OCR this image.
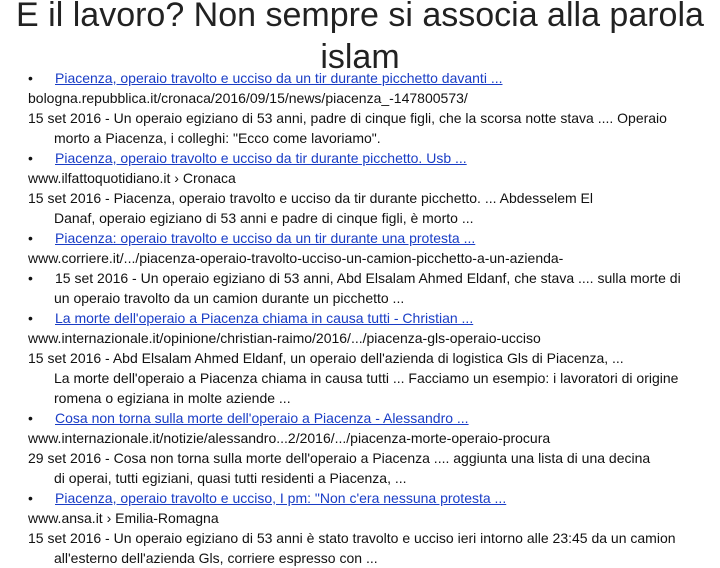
E il lavoro? Non sempre si associa alla parola
islam
• Piacenza, operaio travolto e ucciso da un tir durante picchetto davanti ...
bologna.repubblica.it/cronaca/2016/09/15/news/piacenza_-147800573/
15 set 2016 - Un operaio egiziano di 53 anni, padre di cinque figli, che la scorsa notte stava .... Operaio
morto a Piacenza, i colleghi: "Ecco come lavoriamo".
• Piacenza, operaio travolto e ucciso da tir durante picchetto. Usb ...
www.ilfattoquotidiano.it › Cronaca
15 set 2016 - Piacenza, operaio travolto e ucciso da tir durante picchetto. ... Abdesselem El
Danaf, operaio egiziano di 53 anni e padre di cinque figli, è morto ...
• Piacenza: operaio travolto e ucciso da un tir durante una protesta ...
www.corriere.it/.../piacenza-operaio-travolto-ucciso-un-camion-picchetto-a-un-azienda-
• 15 set 2016 - Un operaio egiziano di 53 anni, Abd Elsalam Ahmed Eldanf, che stava .... sulla morte di
un operaio travolto da un camion durante un picchetto ...
• La morte dell'operaio a Piacenza chiama in causa tutti - Christian ...
www.internazionale.it/opinione/christian-raimo/2016/.../piacenza-gls-operaio-ucciso
15 set 2016 - Abd Elsalam Ahmed Eldanf, un operaio dell'azienda di logistica Gls di Piacenza, ...
La morte dell'operaio a Piacenza chiama in causa tutti ... Facciamo un esempio: i lavoratori di origine
romena o egiziana in molte aziende ...
• Cosa non torna sulla morte dell'operaio a Piacenza - Alessandro ...
www.internazionale.it/notizie/alessandro...2/2016/.../piacenza-morte-operaio-procura
29 set 2016 - Cosa non torna sulla morte dell'operaio a Piacenza .... aggiunta una lista di una decina
di operai, tutti egiziani, quasi tutti residenti a Piacenza, ...
• Piacenza, operaio travolto e ucciso, I pm: "Non c'era nessuna protesta ...
www.ansa.it › Emilia-Romagna
15 set 2016 - Un operaio egiziano di 53 anni è stato travolto e ucciso ieri intorno alle 23:45 da un camion
all'esterno dell'azienda Gls, corriere espresso con ...
